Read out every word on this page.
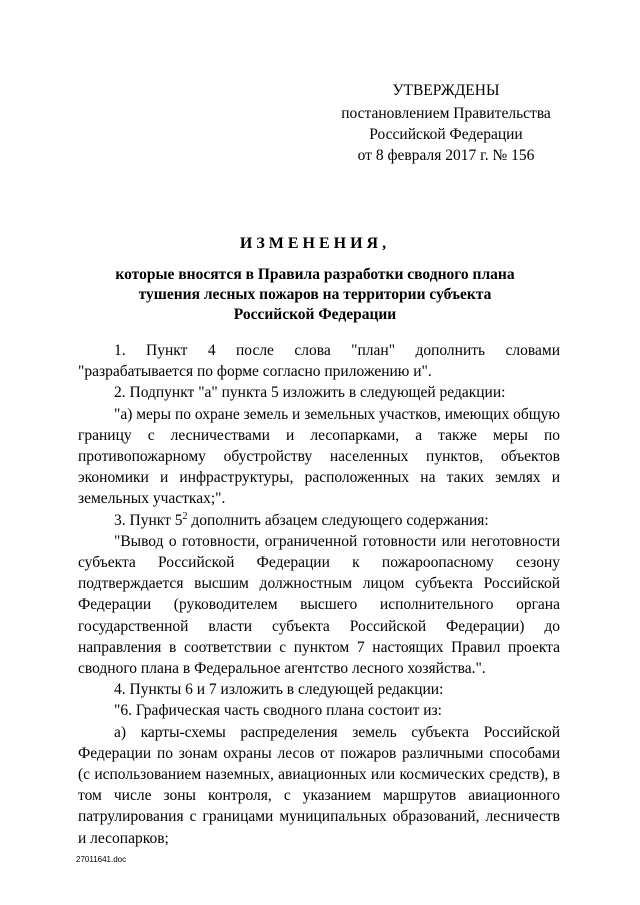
УТВЕРЖДЕНЫ
постановлением Правительства
Российской Федерации
от 8 февраля 2017 г. № 156
ИЗМЕНЕНИЯ,
которые вносятся в Правила разработки сводного плана
тушения лесных пожаров на территории субъекта
Российской Федерации

1. Пункт 4 после слова "план" дополнить словами "разрабатывается по форме согласно приложению и".

2. Подпункт "а" пункта 5 изложить в следующей редакции:

"а) меры по охране земель и земельных участков, имеющих общую границу с лесничествами и лесопарками, а также меры по противопожарному обустройству населенных пунктов, объектов экономики и инфраструктуры, расположенных на таких землях и земельных участках;".

3. Пункт $5^2$ дополнить абзацем следующего содержания:

"Вывод о готовности, ограниченной готовности или неготовности субъекта Российской Федерации к пожароопасному сезону подтверждается высшим должностным лицом субъекта Российской Федерации (руководителем высшего исполнительного органа государственной власти субъекта Российской Федерации) до направления в соответствии с пунктом 7 настоящих Правил проекта сводного плана в Федеральное агентство лесного хозяйства.".

4. Пункты 6 и 7 изложить в следующей редакции:

"6. Графическая часть сводного плана состоит из:

а) карты-схемы распределения земель субъекта Российской Федерации по зонам охраны лесов от пожаров различными способами (с использованием наземных, авиационных или космических средств), в том числе зоны контроля, с указанием маршрутов авиационного патрулирования с границами муниципальных образований, лесничеств и лесопарков;

27011641.doc
